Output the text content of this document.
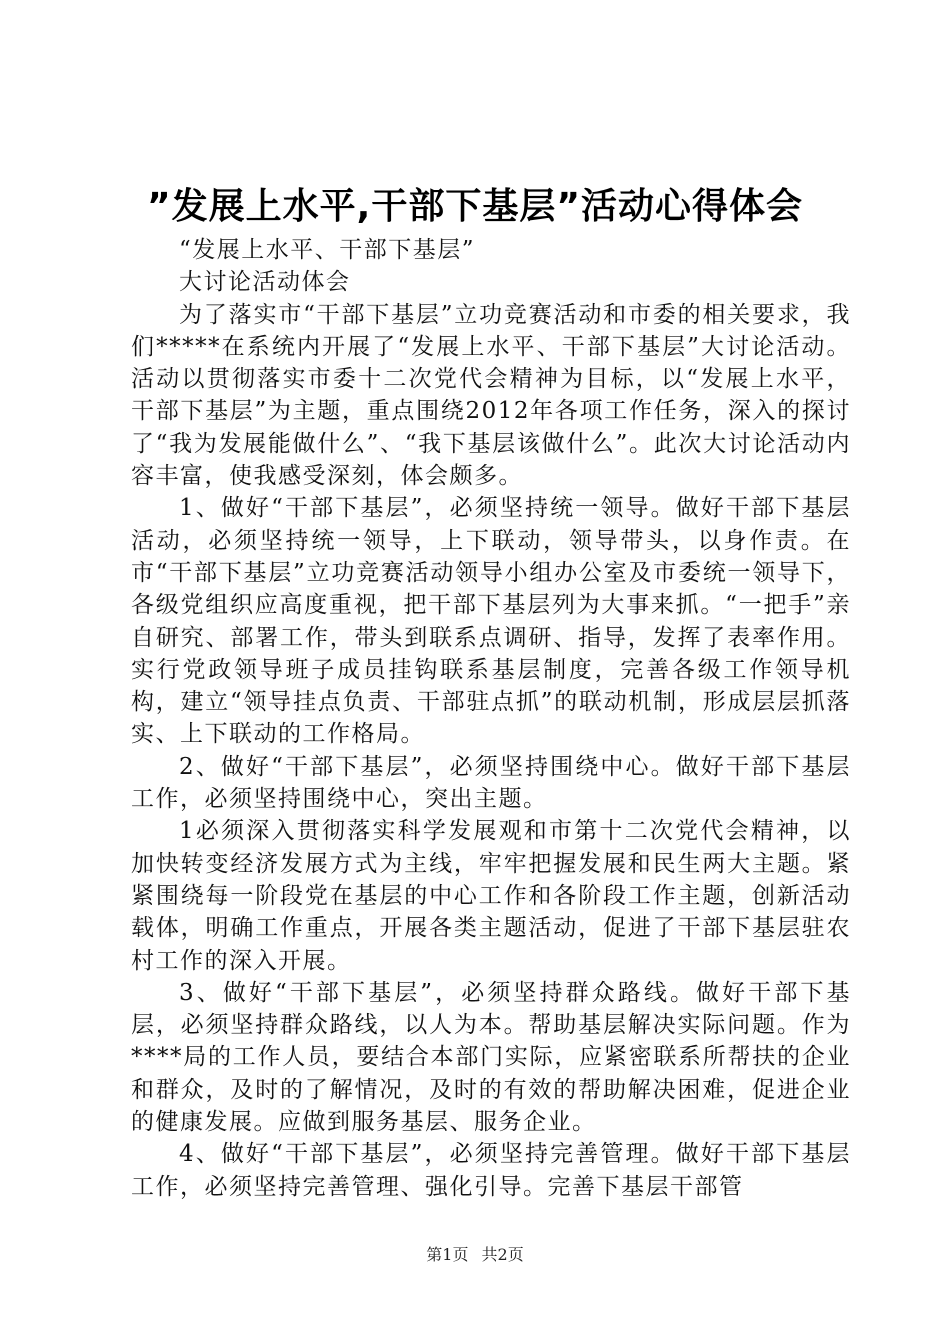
”发展上水平,干部下基层”活动心得体会

“发展上水平、干部下基层”

大讨论活动体会

为了落实市“干部下基层”立功竞赛活动和市委的相关要求，我们*****在系统内开展了“发展上水平、干部下基层”大讨论活动。活动以贯彻落实市委十二次党代会精神为目标，以“发展上水平，干部下基层”为主题，重点围绕2012年各项工作任务，深入的探讨了“我为发展能做什么”、“我下基层该做什么”。此次大讨论活动内容丰富，使我感受深刻，体会颇多。

1、做好“干部下基层”，必须坚持统一领导。做好干部下基层活动，必须坚持统一领导，上下联动，领导带头，以身作责。在市“干部下基层”立功竞赛活动领导小组办公室及市委统一领导下，各级党组织应高度重视，把干部下基层列为大事来抓。“一把手”亲自研究、部署工作，带头到联系点调研、指导，发挥了表率作用。实行党政领导班子成员挂钩联系基层制度，完善各级工作领导机构，建立“领导挂点负责、干部驻点抓”的联动机制，形成层层抓落实、上下联动的工作格局。

2、做好“干部下基层”，必须坚持围绕中心。做好干部下基层工作，必须坚持围绕中心，突出主题。

1必须深入贯彻落实科学发展观和市第十二次党代会精神，以加快转变经济发展方式为主线，牢牢把握发展和民生两大主题。紧紧围绕每一阶段党在基层的中心工作和各阶段工作主题，创新活动载体，明确工作重点，开展各类主题活动，促进了干部下基层驻农村工作的深入开展。

3、做好“干部下基层”，必须坚持群众路线。做好干部下基层，必须坚持群众路线，以人为本。帮助基层解决实际问题。作为****局的工作人员，要结合本部门实际，应紧密联系所帮扶的企业和群众，及时的了解情况，及时的有效的帮助解决困难，促进企业的健康发展。应做到服务基层、服务企业。

4、做好“干部下基层”，必须坚持完善管理。做好干部下基层工作，必须坚持完善管理、强化引导。完善下基层干部管

第1页 共2页
